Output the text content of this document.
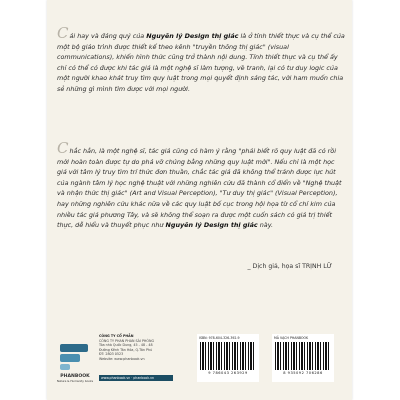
Cái hay và đáng quý của Nguyên lý Design thị giác là ở tính thiết thực và cụ thể của một bộ giáo trình được thiết kế theo kênh "truyền thông thị giác" (visual communications), khiến hình thức cũng trở thành nội dung. Tính thiết thực và cụ thể ấy chỉ có thể có được khi tác giả là một nghệ sĩ làm tượng, vẽ tranh, lại có tư duy logic của một người khao khát truy tìm quy luật trong mọi quyết định sáng tác, với ham muốn chia sẻ những gì mình tìm được với mọi người.

Chắc hẳn, là một nghệ sĩ, tác giả cũng có hàm ý rằng "phải biết rõ quy luật đã có rồi mới hoàn toàn được tự do phá vỡ chúng bằng những quy luật mới". Nếu chỉ là một học giả với tâm lý truy tìm trí thức đơn thuần, chắc tác giả đã không thể tránh được lực hút của ngành tâm lý học nghệ thuật với những nghiên cứu đã thành cổ điển về "Nghệ thuật và nhận thức thị giác" (Art and Visual Perception), "Tư duy thị giác" (Visual Perception), hay những nghiên cứu khác nữa về các quy luật bố cục trong hội họa từ cổ chí kim của nhiều tác giả phương Tây, và sẽ không thể soạn ra được một cuốn sách có giá trị thiết thực, dễ hiểu và thuyết phục như Nguyên lý Design thị giác này.

_ Dịch giả, họa sĩ TRỊNH LỮ
PHANBOOK
Nature & Humanity books
CÔNG TY CỔ PHẦN
CÔNG TY PHAN PHAN SÀI PHÒNG
Tòa nhà Quốc Dung, 45 - 48 - 48
Đường Kênh Tân Hóa, Q.Tân Phú
ĐT: 2803 0523
Website: www.phanbook.vn
www.phanbook.vn · phanbook.vn
ISBN: 978-604-326-392-9
9 786043 263929
MÃ VẠCH PHANBOOK
8 935092 706286
